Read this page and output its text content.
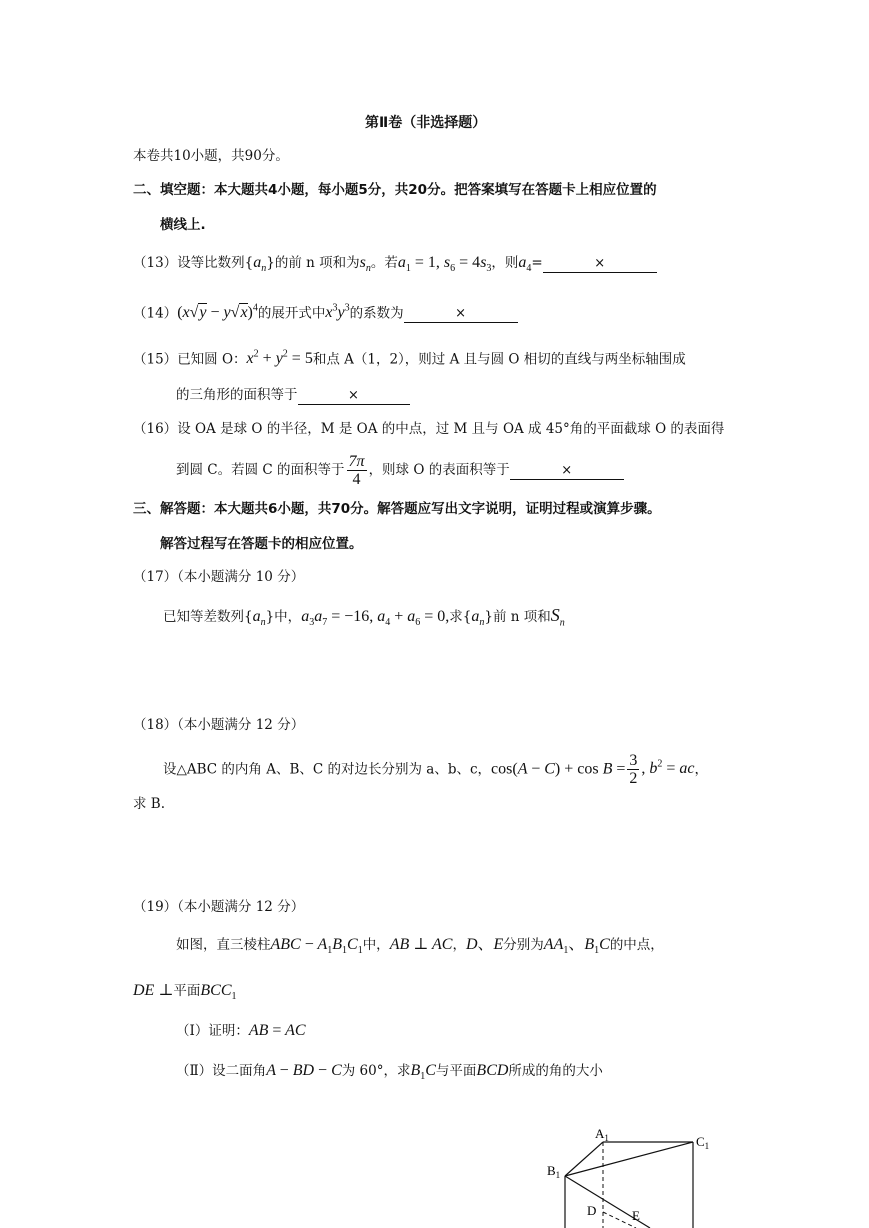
第Ⅱ卷（非选择题）
本卷共10小题，共90分。
二、填空题：本大题共4小题，每小题5分，共20分。把答案填写在答题卡上相应位置的
横线上.
（13）设等比数列$\{a_n\}$的前 n 项和为$s_n$。若$a_1 = 1$, $s_6 = 4s_3$，则$a_4=$	×
$(14)(x√y - y√x)^4$的展开式中$x^3y^3$的系数为	×
（15）已知圆 O：$x^2 + y^2 = 5$和点 A（1，2），则过 A 且与圆 O 相切的直线与两坐标轴围成
的三角形的面积等于	×
（16）设 OA 是球 O 的半径，M 是 OA 的中点，过 M 且与 OA 成 45°角的平面截球 O 的表面得
到圆 C。若圆 C 的面积等于 $\frac{7\pi}{4}$ ，则球 O 的表面积等于	×
三、解答题：本大题共6小题，共70分。解答题应写出文字说明，证明过程或演算步骤。
解答过程写在答题卡的相应位置。
（17）（本小题满分 10 分）
已知等差数列$\{a_n\}$中，$a_3a_7 = -16$, $a_4 + a_6 = 0$,求$\{a_n\}$前 n 项和$S_n$
（18）（本小题满分 12 分）
设△ABC 的内角 A、B、C 的对边长分别为 a、b、c，$\cos(A - C) + \cos B = \frac{3}{2}$ , $b^2$ = ac，
求 B.
（19）（本小题满分 12 分）
如图，直三棱柱ABC − $A_1B_1C_1$中，AB ⊥ AC，D、E分别为$AA_1$、$B_1C$的中点，
DE ⊥平面$BCC_1$
（Ⅰ）证明：AB = AC
（Ⅱ）设二面角A − BD − C为 60°，求$B_1C$与平面BCD所成的角的大小
$A_1$	$C_1$
$B_1$
D	E
